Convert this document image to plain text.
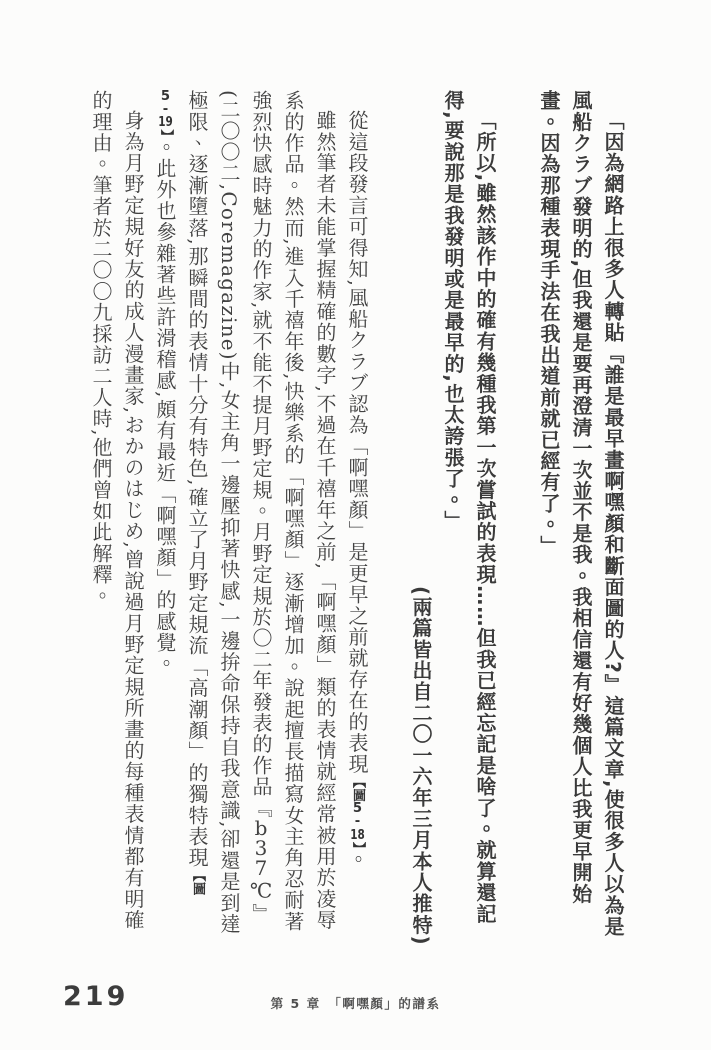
「因為網路上很多人轉貼『誰是最早畫啊嘿顏和斷面圖的人?』這篇文章,使很多人以為是風船クラブ發明的,但我還是要再澄清一次並不是我。我相信還有好幾個人比我更早開始畫。因為那種表現手法在我出道前就已經有了。」

「所以,雖然該作中的確有幾種我第一次嘗試的表現……但我已經忘記是啥了。就算還記得,要說那是我發明或是最早的,也太誇張了。」

(兩篇皆出自二〇一六年三月本人推特)

從這段發言可得知,風船クラブ認為「啊嘿顏」是更早之前就存在的表現【圖5-18】。

雖然筆者未能掌握精確的數字,不過在千禧年之前,「啊嘿顏」類的表情就經常被用於凌辱系的作品。然而,進入千禧年後,快樂系的「啊嘿顏」逐漸增加。說起擅長描寫女主角忍耐著強烈快感時魅力的作家,就不能不提月野定規。月野定規於〇二年發表的作品『b37℃』(二〇〇二,Coremagazine)中,女主角一邊壓抑著快感,一邊拚命保持自我意識,卻還是到達極限、逐漸墮落,那瞬間的表情十分有特色,確立了月野定規流「高潮顏」的獨特表現【圖5-19】。此外也參雜著些許滑稽感,頗有最近「啊嘿顏」的感覺。

身為月野定規好友的成人漫畫家,おかのはじめ,曾說過月野定規所畫的每種表情都有明確的理由。筆者於二〇〇九採訪二人時,他們曾如此解釋。

219	第 5 章　「啊嘿顏」的譜系
